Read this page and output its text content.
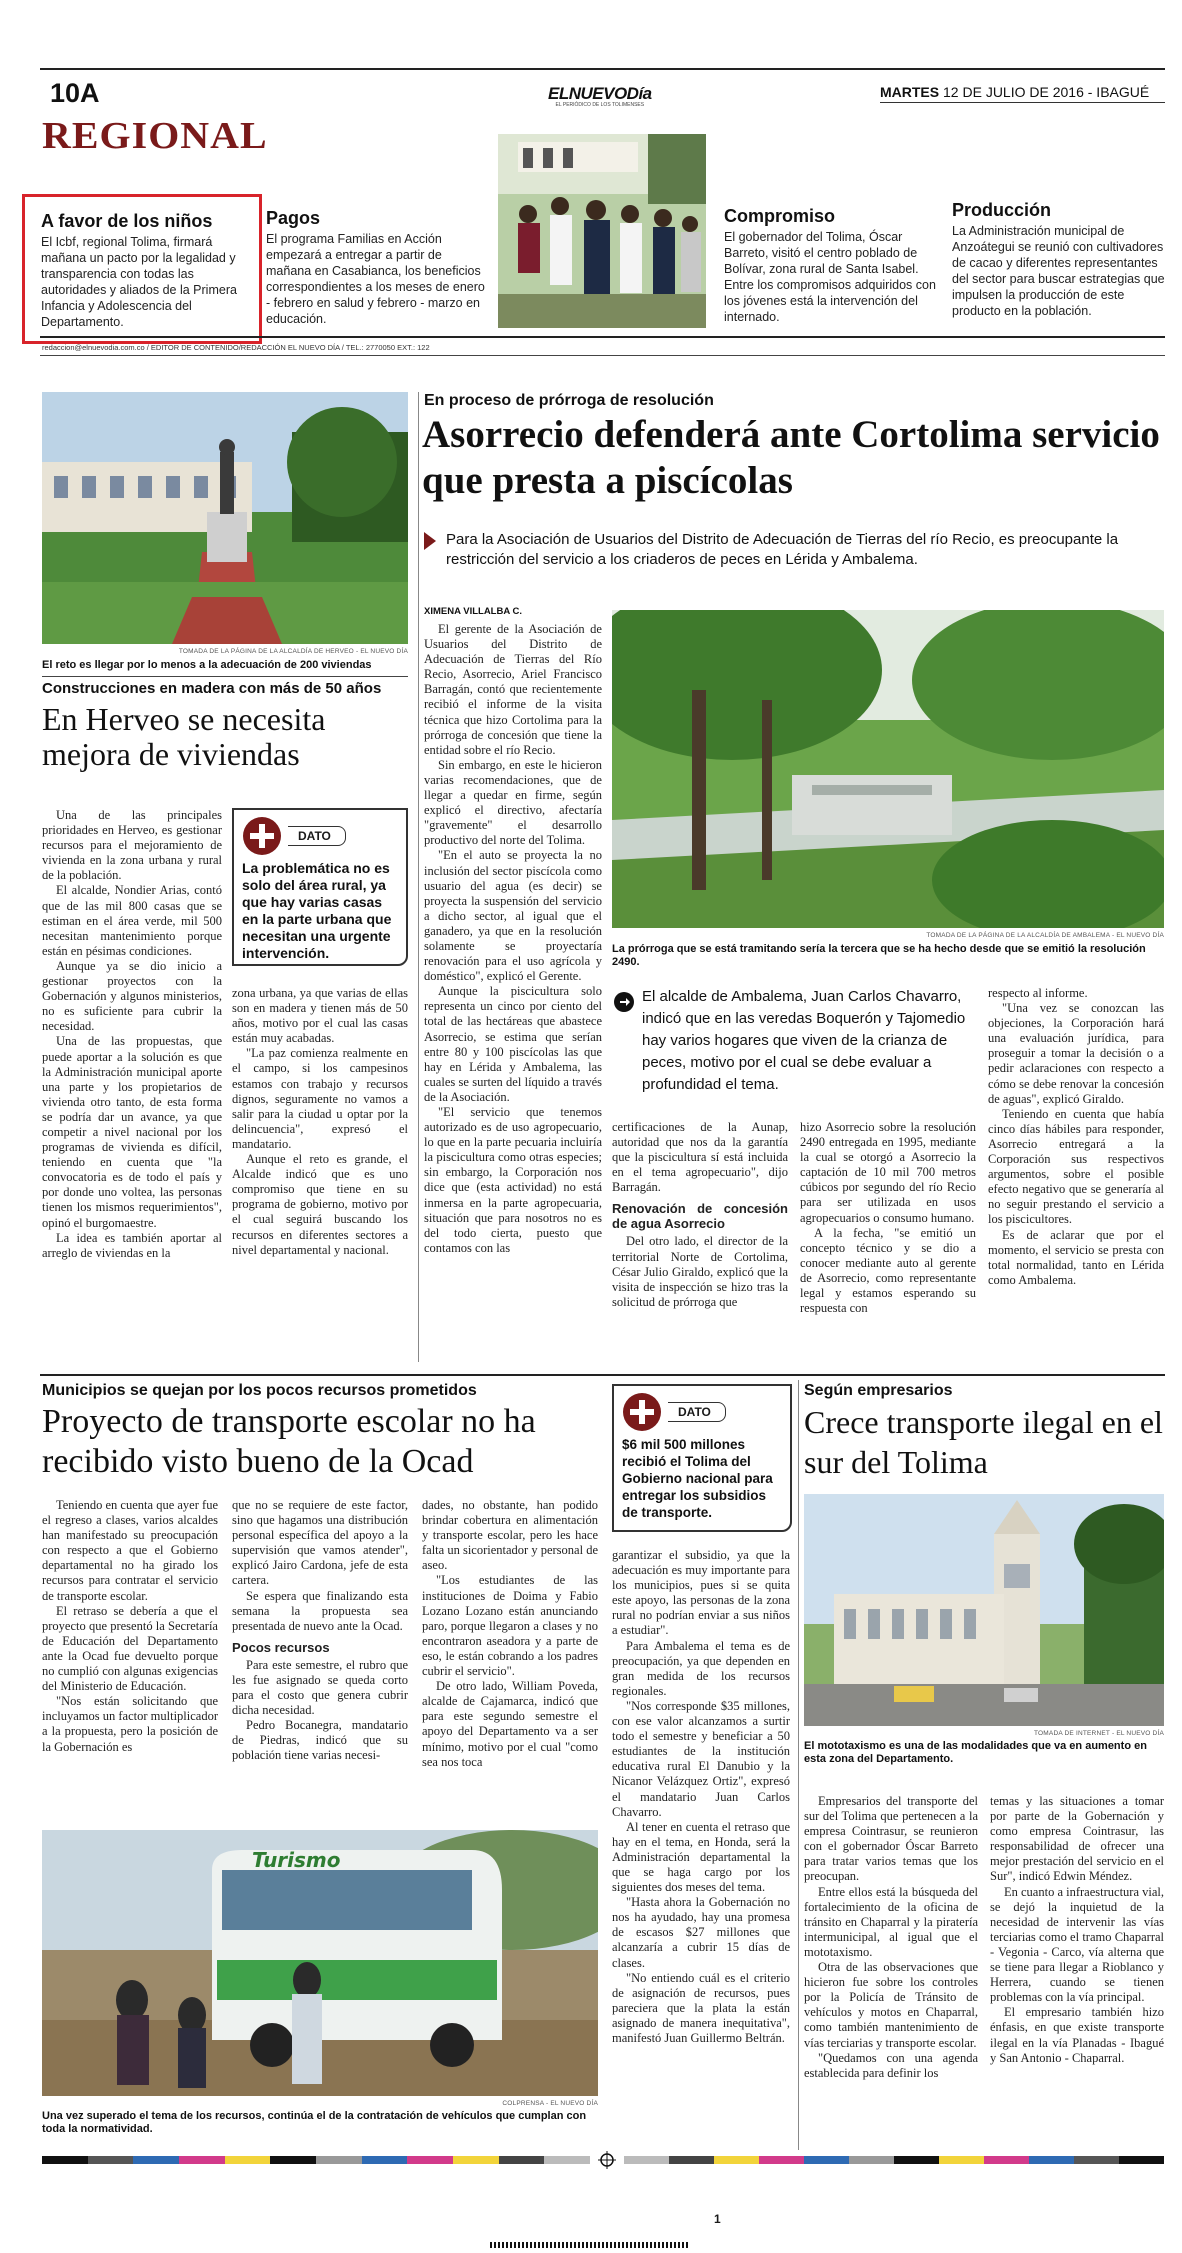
10A	ELNUEVODía
EL PERIÓDICO DE LOS TOLIMENSES
MARTES 12 DE JULIO DE 2016 - IBAGUÉ
REGIONAL
A favor de los niños
El Icbf, regional Tolima, firmará mañana un pacto por la legalidad y transparencia con todas las autoridades y aliados de la Primera Infancia y Adolescencia del Departamento.
Pagos
El programa Familias en Acción empezará a entregar a partir de mañana en Casabianca, los beneficios correspondientes a los meses de enero - febrero en salud y febrero - marzo en educación.
Compromiso
El gobernador del Tolima, Óscar Barreto, visitó el centro poblado de Bolívar, zona rural de Santa Isabel. Entre los compromisos adquiridos con los jóvenes está la intervención del internado.
Producción
La Administración municipal de Anzoátegui se reunió con cultivadores de cacao y diferentes representantes del sector para buscar estrategias que impulsen la producción de este producto en la población.
redaccion@elnuevodia.com.co / EDITOR DE CONTENIDO/REDACCIÓN EL NUEVO DÍA / TEL.: 2770050 EXT.: 122
TOMADA DE LA PÁGINA DE LA ALCALDÍA DE HERVEO - EL NUEVO DÍA
El reto es llegar por lo menos a la adecuación de 200 viviendas
Construcciones en madera con más de 50 años
En Herveo se necesita mejora de viviendas

Una de las principales prioridades en Herveo, es gestionar recursos para el mejoramiento de vivienda en la zona urbana y rural de la población.

El alcalde, Nondier Arias, contó que de las mil 800 casas que se estiman en el área verde, mil 500 necesitan mantenimiento porque están en pésimas condiciones.

Aunque ya se dio inicio a gestionar proyectos con la Gobernación y algunos ministerios, no es suficiente para cubrir la necesidad.

Una de las propuestas, que puede aportar a la solución es que la Administración municipal aporte una parte y los propietarios de vivienda otro tanto, de esta forma se podría dar un avance, ya que competir a nivel nacional por los programas de vivienda es difícil, teniendo en cuenta que "la convocatoria es de todo el país y por donde uno voltea, las personas tienen los mismos requerimientos", opinó el burgomaestre.

La idea es también aportar al arreglo de viviendas en la

DATO
La problemática no es solo del área rural, ya que hay varias casas en la parte urbana que necesitan una urgente intervención.

zona urbana, ya que varias de ellas son en madera y tienen más de 50 años, motivo por el cual las casas están muy acabadas.

"La paz comienza realmente en el campo, si los campesinos estamos con trabajo y recursos dignos, seguramente no vamos a salir para la ciudad u optar por la delincuencia", expresó el mandatario.

Aunque el reto es grande, el Alcalde indicó que es uno compromiso que tiene en su programa de gobierno, motivo por el cual seguirá buscando los recursos en diferentes sectores a nivel departamental y nacional.

En proceso de prórroga de resolución
Asorrecio defenderá ante Cortolima servicio que presta a piscícolas
Para la Asociación de Usuarios del Distrito de Adecuación de Tierras del río Recio, es preocupante la restricción del servicio a los criaderos de peces en Lérida y Ambalema.
XIMENA VILLALBA C.

El gerente de la Asociación de Usuarios del Distrito de Adecuación de Tierras del Río Recio, Asorrecio, Ariel Francisco Barragán, contó que recientemente recibió el informe de la visita técnica que hizo Cortolima para la prórroga de concesión que tiene la entidad sobre el río Recio.

Sin embargo, en este le hicieron varias recomendaciones, que de llegar a quedar en firme, según explicó el directivo, afectaría "gravemente" el desarrollo productivo del norte del Tolima.

"En el auto se proyecta la no inclusión del sector piscícola como usuario del agua (es decir) se proyecta la suspensión del servicio a dicho sector, al igual que el ganadero, ya que en la resolución solamente se proyectaría renovación para el uso agrícola y doméstico", explicó el Gerente.

Aunque la piscicultura solo representa un cinco por ciento del total de las hectáreas que abastece Asorrecio, se estima que serían entre 80 y 100 piscícolas las que hay en Lérida y Ambalema, las cuales se surten del líquido a través de la Asociación.

"El servicio que tenemos autorizado es de uso agropecuario, lo que en la parte pecuaria incluiría la piscicultura como otras especies; sin embargo, la Corporación nos dice que (esta actividad) no está inmersa en la parte agropecuaria, situación que para nosotros no es del todo cierta, puesto que contamos con las

TOMADA DE LA PÁGINA DE LA ALCALDÍA DE AMBALEMA - EL NUEVO DÍA
La prórroga que se está tramitando sería la tercera que se ha hecho desde que se emitió la resolución 2490.
El alcalde de Ambalema, Juan Carlos Chavarro, indicó que en las veredas Boquerón y Tajomedio hay varios hogares que viven de la crianza de peces, motivo por el cual se debe evaluar a profundidad el tema.

certificaciones de la Aunap, autoridad que nos da la garantía que la piscicultura sí está incluida en el tema agropecuario", dijo Barragán.

Renovación de concesión de agua Asorrecio

Del otro lado, el director de la territorial Norte de Cortolima, César Julio Giraldo, explicó que la visita de inspección se hizo tras la solicitud de prórroga que

hizo Asorrecio sobre la resolución 2490 entregada en 1995, mediante la cual se otorgó a Asorrecio la captación de 10 mil 700 metros cúbicos por segundo del río Recio para ser utilizada en usos agropecuarios o consumo humano.

A la fecha, "se emitió un concepto técnico y se dio a conocer mediante auto al gerente de Asorrecio, como representante legal y estamos esperando su respuesta con

respecto al informe.

"Una vez se conozcan las objeciones, la Corporación hará una evaluación jurídica, para proseguir a tomar la decisión o a pedir aclaraciones con respecto a cómo se debe renovar la concesión de aguas", explicó Giraldo.

Teniendo en cuenta que había cinco días hábiles para responder, Asorrecio entregará a la Corporación sus respectivos argumentos, sobre el posible efecto negativo que se generaría al no seguir prestando el servicio a los piscicultores.

Es de aclarar que por el momento, el servicio se presta con total normalidad, tanto en Lérida como Ambalema.

Municipios se quejan por los pocos recursos prometidos
Proyecto de transporte escolar no ha recibido visto bueno de la Ocad
DATO
$6 mil 500 millones recibió el Tolima del Gobierno nacional para entregar los subsidios de transporte.

Teniendo en cuenta que ayer fue el regreso a clases, varios alcaldes han manifestado su preocupación con respecto a que el Gobierno departamental no ha girado los recursos para contratar el servicio de transporte escolar.

El retraso se debería a que el proyecto que presentó la Secretaría de Educación del Departamento ante la Ocad fue devuelto porque no cumplió con algunas exigencias del Ministerio de Educación.

"Nos están solicitando que incluyamos un factor multiplicador a la propuesta, pero la posición de la Gobernación es

que no se requiere de este factor, sino que hagamos una distribución personal específica del apoyo a la supervisión que vamos atender", explicó Jairo Cardona, jefe de esta cartera.

Se espera que finalizando esta semana la propuesta sea presentada de nuevo ante la Ocad.

Pocos recursos

Para este semestre, el rubro que les fue asignado se queda corto para el costo que genera cubrir dicha necesidad.

Pedro Bocanegra, mandatario de Piedras, indicó que su población tiene varias necesi-

dades, no obstante, han podido brindar cobertura en alimentación y transporte escolar, pero les hace falta un sicorientador y personal de aseo.

"Los estudiantes de las instituciones de Doima y Fabio Lozano Lozano están anunciando paro, porque llegaron a clases y no encontraron aseadora y a parte de eso, le están cobrando a los padres cubrir el servicio".

De otro lado, William Poveda, alcalde de Cajamarca, indicó que para este segundo semestre el apoyo del Departamento va a ser mínimo, motivo por el cual "como sea nos toca

Turismo
COLPRENSA - EL NUEVO DÍA
Una vez superado el tema de los recursos, continúa el de la contratación de vehículos que cumplan con toda la normatividad.

garantizar el subsidio, ya que la adecuación es muy importante para los municipios, pues si se quita este apoyo, las personas de la zona rural no podrían enviar a sus niños a estudiar".

Para Ambalema el tema es de preocupación, ya que dependen en gran medida de los recursos regionales.

"Nos corresponde $35 millones, con ese valor alcanzamos a surtir todo el semestre y beneficiar a 50 estudiantes de la institución educativa rural El Danubio y la Nicanor Velázquez Ortiz", expresó el mandatario Juan Carlos Chavarro.

Al tener en cuenta el retraso que hay en el tema, en Honda, será la Administración departamental la que se haga cargo por los siguientes dos meses del tema.

"Hasta ahora la Gobernación no nos ha ayudado, hay una promesa de escasos $27 millones que alcanzaría a cubrir 15 días de clases.

"No entiendo cuál es el criterio de asignación de recursos, pues pareciera que la plata la están asignado de manera inequitativa", manifestó Juan Guillermo Beltrán.

Según empresarios
Crece transporte ilegal en el sur del Tolima
TOMADA DE INTERNET - EL NUEVO DÍA
El mototaxismo es una de las modalidades que va en aumento en esta zona del Departamento.

Empresarios del transporte del sur del Tolima que pertenecen a la empresa Cointrasur, se reunieron con el gobernador Óscar Barreto para tratar varios temas que los preocupan.

Entre ellos está la búsqueda del fortalecimiento de la oficina de tránsito en Chaparral y la piratería intermunicipal, al igual que el mototaxismo.

Otra de las observaciones que hicieron fue sobre los controles por la Policía de Tránsito de vehículos y motos en Chaparral, como también mantenimiento de vías terciarias y transporte escolar.

"Quedamos con una agenda establecida para definir los

temas y las situaciones a tomar por parte de la Gobernación y como empresa Cointrasur, las responsabilidad de ofrecer una mejor prestación del servicio en el Sur", indicó Edwin Méndez.

En cuanto a infraestructura vial, se dejó la inquietud de la necesidad de intervenir las vías terciarias como el tramo Chaparral - Vegonia - Carco, vía alterna que se tiene para llegar a Rioblanco y Herrera, cuando se tienen problemas con la vía principal.

El empresario también hizo énfasis, en que existe transporte ilegal en la vía Planadas - Ibagué y San Antonio - Chaparral.

1
